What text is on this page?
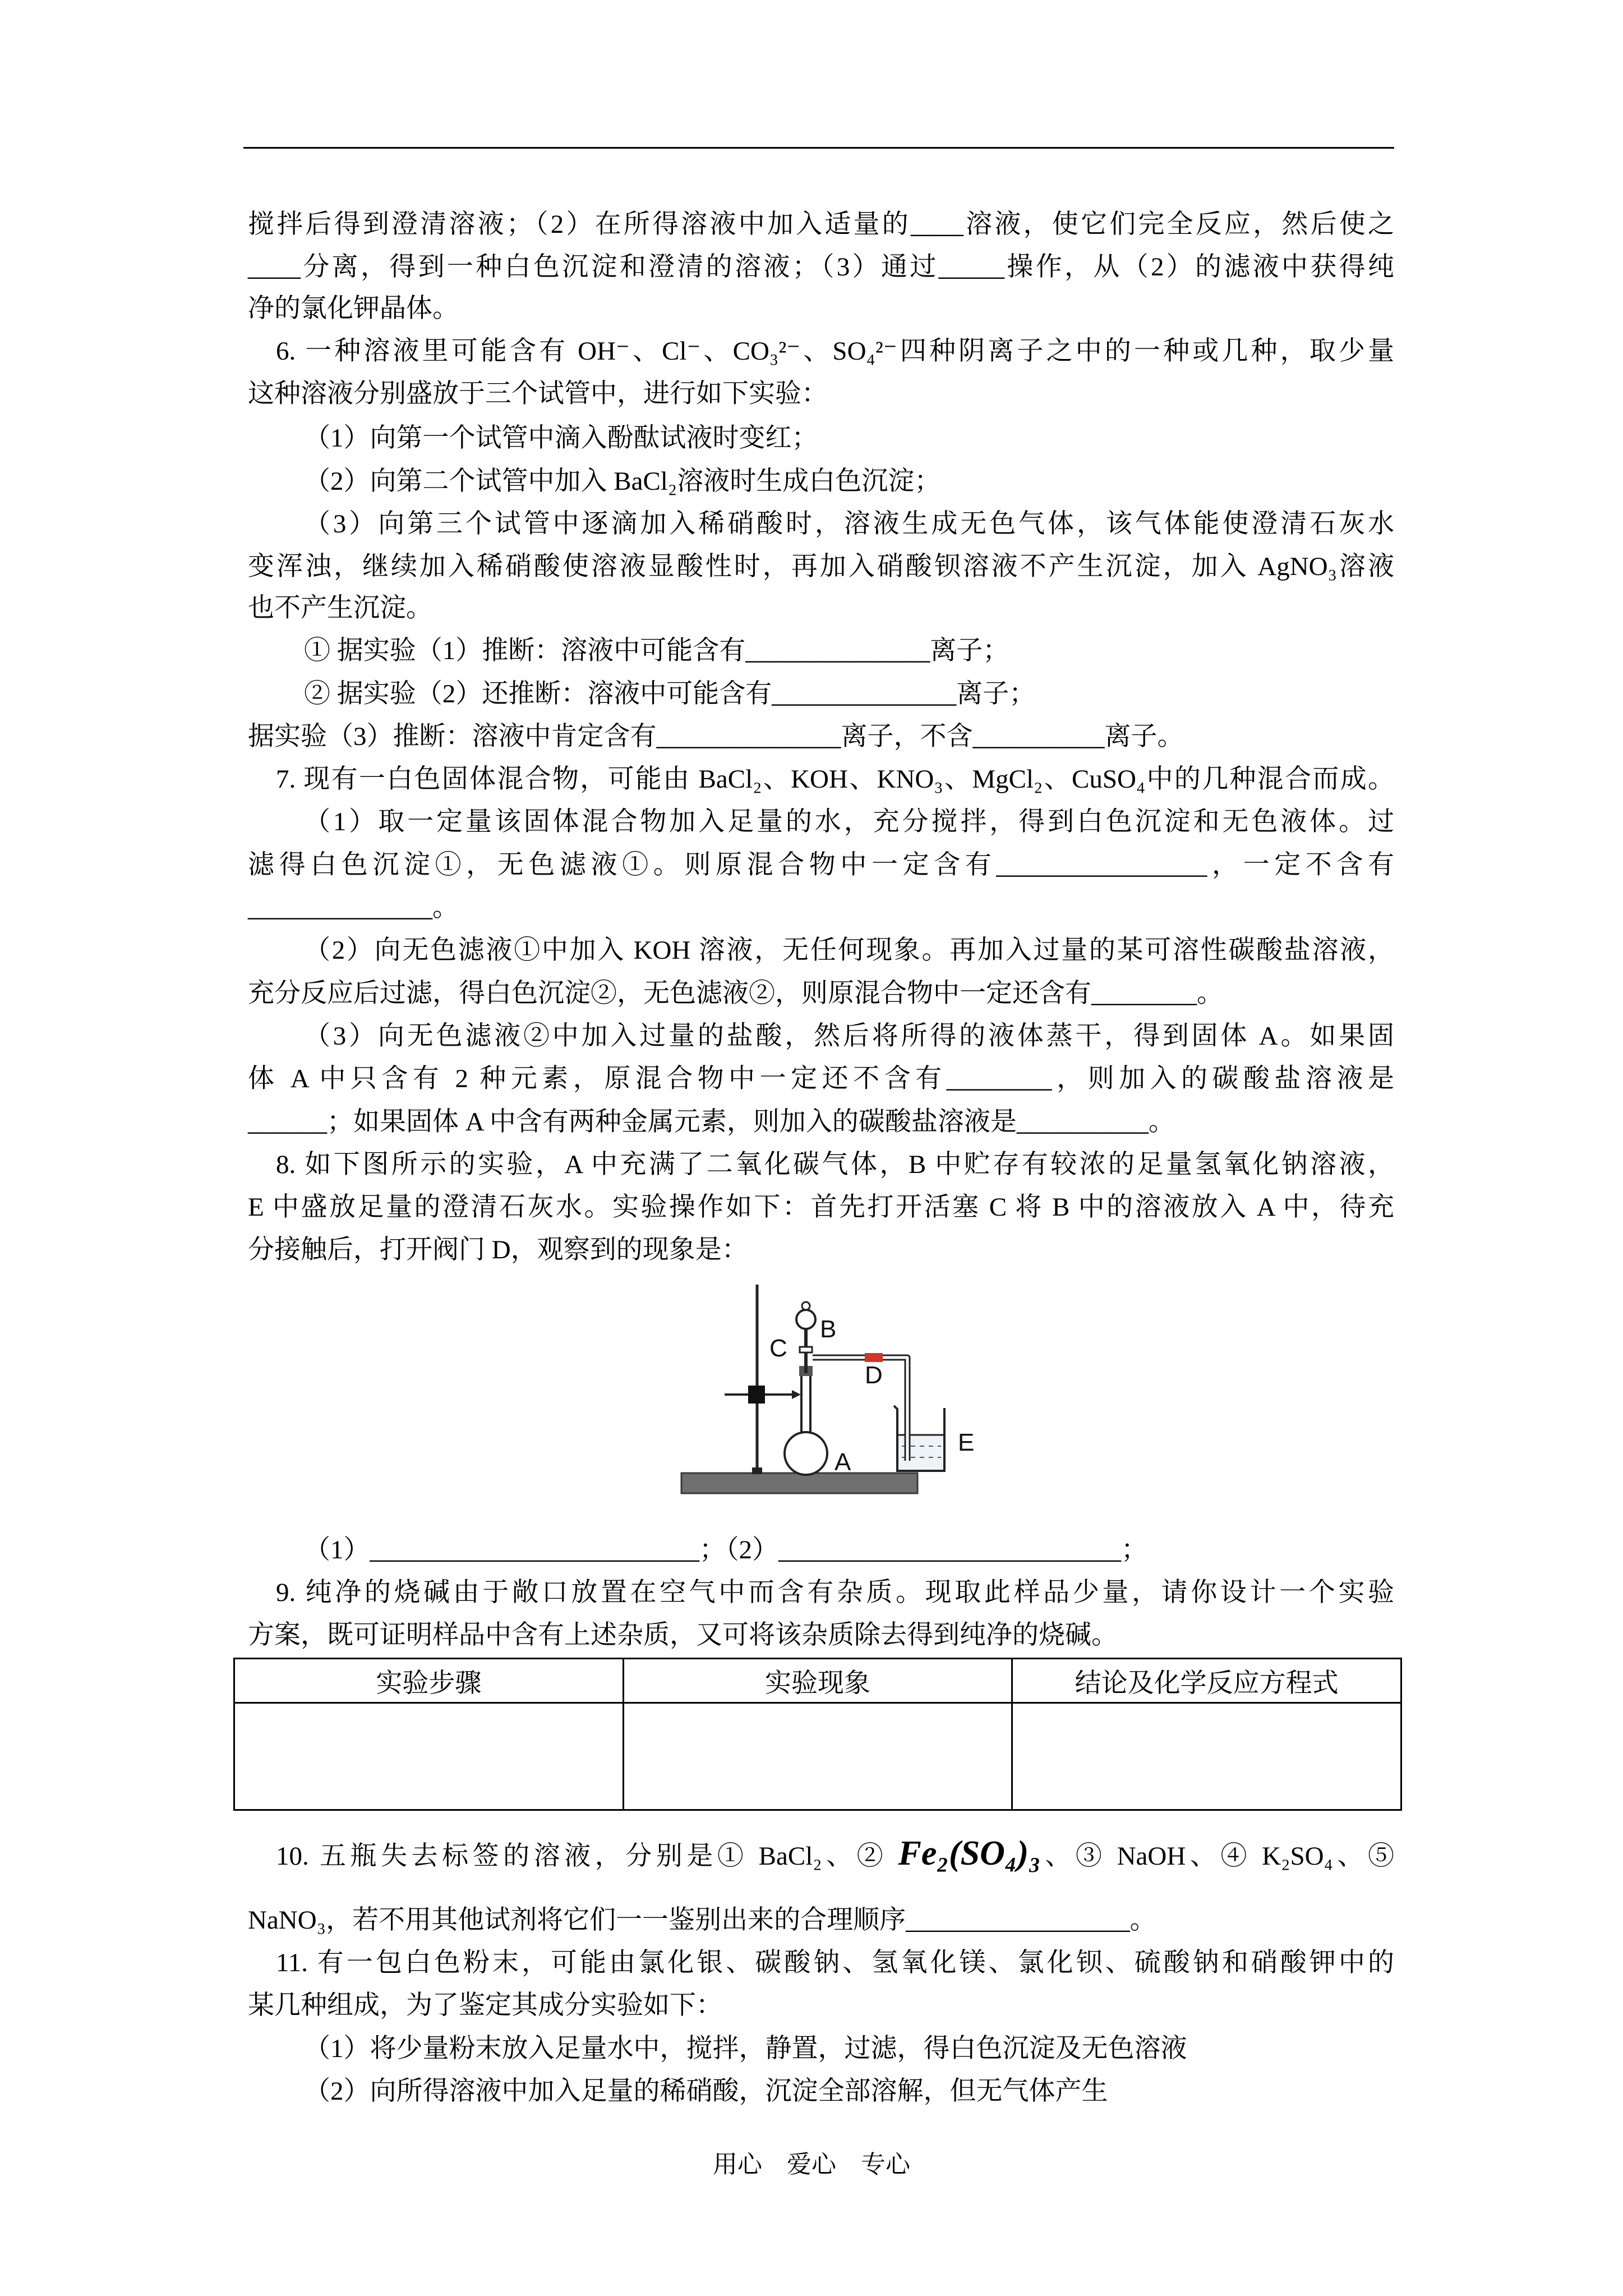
搅拌后得到澄清溶液；（2）在所得溶液中加入适量的____溶液，使它们完全反应，然后使之
____分离，得到一种白色沉淀和澄清的溶液；（3）通过_____操作，从（2）的滤液中获得纯
净的氯化钾晶体。
6. 一种溶液里可能含有 OH⁻、Cl⁻、CO₃²⁻、SO₄²⁻四种阴离子之中的一种或几种，取少量
这种溶液分别盛放于三个试管中，进行如下实验：
（1）向第一个试管中滴入酚酞试液时变红；
（2）向第二个试管中加入 BaCl₂溶液时生成白色沉淀；
（3）向第三个试管中逐滴加入稀硝酸时，溶液生成无色气体，该气体能使澄清石灰水
变浑浊，继续加入稀硝酸使溶液显酸性时，再加入硝酸钡溶液不产生沉淀，加入 AgNO₃溶液
也不产生沉淀。
① 据实验（1）推断：溶液中可能含有______________离子；
② 据实验（2）还推断：溶液中可能含有______________离子；
据实验（3）推断：溶液中肯定含有______________离子，不含__________离子。
7. 现有一白色固体混合物，可能由 BaCl₂、KOH、KNO₃、MgCl₂、CuSO₄中的几种混合而成。
（1）取一定量该固体混合物加入足量的水，充分搅拌，得到白色沉淀和无色液体。过
滤得白色沉淀①，无色滤液①。则原混合物中一定含有________________，一定不含有
______________。
（2）向无色滤液①中加入 KOH 溶液，无任何现象。再加入过量的某可溶性碳酸盐溶液，
充分反应后过滤，得白色沉淀②，无色滤液②，则原混合物中一定还含有________。
（3）向无色滤液②中加入过量的盐酸，然后将所得的液体蒸干，得到固体 A。如果固
体 A 中只含有 2 种元素，原混合物中一定还不含有________，则加入的碳酸盐溶液是
______；如果固体 A 中含有两种金属元素，则加入的碳酸盐溶液是__________。
8. 如下图所示的实验，A 中充满了二氧化碳气体，B 中贮存有较浓的足量氢氧化钠溶液，
E 中盛放足量的澄清石灰水。实验操作如下：首先打开活塞 C 将 B 中的溶液放入 A 中，待充
分接触后，打开阀门 D，观察到的现象是：
A
B
C
D
E
（1）_________________________；（2）__________________________；
9. 纯净的烧碱由于敞口放置在空气中而含有杂质。现取此样品少量，请你设计一个实验
方案，既可证明样品中含有上述杂质，又可将该杂质除去得到纯净的烧碱。
实验步骤	实验现象	结论及化学反应方程式

10. 五瓶失去标签的溶液，分别是① BaCl₂、② Fe₂(SO₄)₃、③ NaOH、④ K₂SO₄、⑤
NaNO₃，若不用其他试剂将它们一一鉴别出来的合理顺序_________________。
11. 有一包白色粉末，可能由氯化银、碳酸钠、氢氧化镁、氯化钡、硫酸钠和硝酸钾中的
某几种组成，为了鉴定其成分实验如下：
（1）将少量粉末放入足量水中，搅拌，静置，过滤，得白色沉淀及无色溶液
（2）向所得溶液中加入足量的稀硝酸，沉淀全部溶解，但无气体产生
用心　爱心　专心
